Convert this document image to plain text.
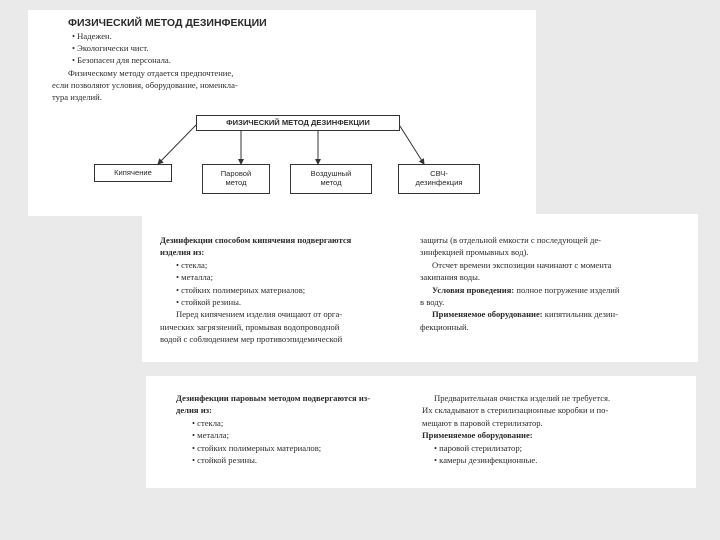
ФИЗИЧЕСКИЙ МЕТОД ДЕЗИНФЕКЦИИ
• Надежен.
• Экологически чист.
• Безопасен для персонала.
Физическому методу отдается предпочтение,
если позволяют условия, оборудование, номенкла-
тура изделий.
ФИЗИЧЕСКИЙ МЕТОД ДЕЗИНФЕКЦИИ
Кипячение	Паровой
метод
Воздушный
метод
СВЧ-
дезинфекция
Дезинфекции способом кипячения подвергаются
изделия из:
• стекла;
• металла;
• стойких полимерных материалов;
• стойкой резины.
Перед кипячением изделия очищают от орга-
нических загрязнений, промывая водопроводной
водой с соблюдением мер противоэпидемической
защиты (в отдельной емкости с последующей де-
зинфекцией промывных вод).
Отсчет времени экспозиции начинают с момента
закипания воды.
Условия проведения: полное погружение изделий
в воду.
Применяемое оборудование: кипятильник дезин-
фекционный.
Дезинфекции паровым методом подвергаются из-
делия из:
• стекла;
• металла;
• стойких полимерных материалов;
• стойкой резины.
Предварительная очистка изделий не требуется.
Их складывают в стерилизационные коробки и по-
мещают в паровой стерилизатор.
Применяемое оборудование:
• паровой стерилизатор;
• камеры дезинфекционные.
